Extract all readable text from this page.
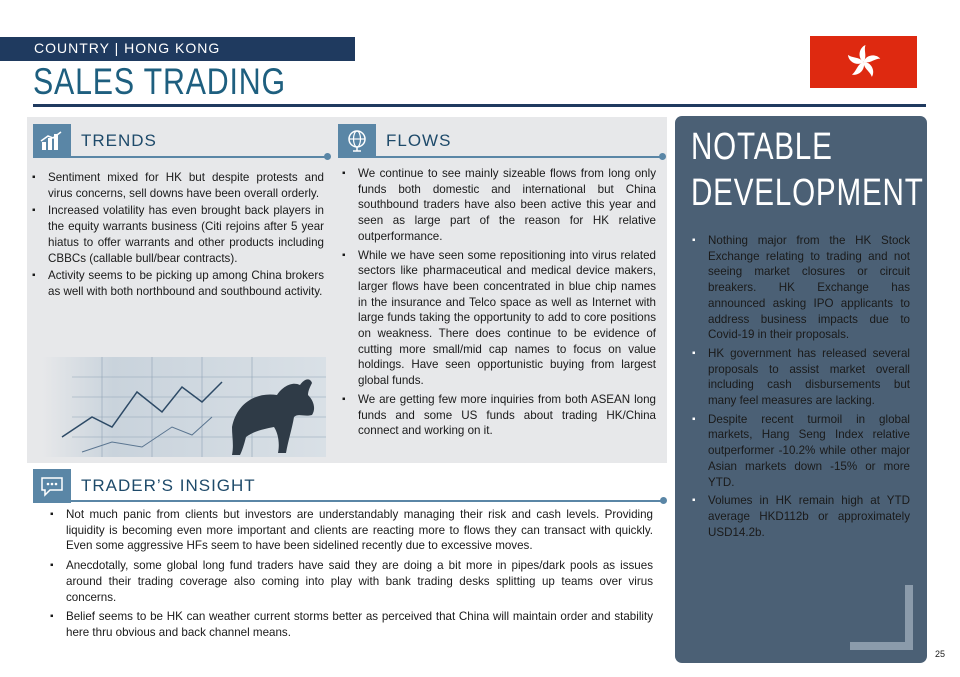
COUNTRY | HONG KONG
SALES TRADING
TRENDS
▪ Sentiment mixed for HK but despite protests and virus concerns, sell downs have been overall orderly.
▪ Increased volatility has even brought back players in the equity warrants business (Citi rejoins after 5 year hiatus to offer warrants and other products including CBBCs (callable bull/bear contracts).
▪ Activity seems to be picking up among China brokers as well with both northbound and southbound activity.
FLOWS
▪ We continue to see mainly sizeable flows from long only funds both domestic and international but China southbound traders have also been active this year and seen as large part of the reason for HK relative outperformance.
▪ While we have seen some repositioning into virus related sectors like pharmaceutical and medical device makers, larger flows have been concentrated in blue chip names in the insurance and Telco space as well as Internet with large funds taking the opportunity to add to core positions on weakness. There does continue to be evidence of cutting more small/mid cap names to focus on value holdings. Have seen opportunistic buying from largest global funds.
▪ We are getting few more inquiries from both ASEAN long funds and some US funds about trading HK/China connect and working on it.
TRADER’S INSIGHT
▪ Not much panic from clients but investors are understandably managing their risk and cash levels. Providing liquidity is becoming even more important and clients are reacting more to flows they can transact with quickly. Even some aggressive HFs seem to have been sidelined recently due to excessive moves.
▪ Anecdotally, some global long fund traders have said they are doing a bit more in pipes/dark pools as issues around their trading coverage also coming into play with bank trading desks splitting up teams over virus concerns.
▪ Belief seems to be HK can weather current storms better as perceived that China will maintain order and stability here thru obvious and back channel means.
NOTABLE
DEVELOPMENT
▪ Nothing major from the HK Stock Exchange relating to trading and not seeing market closures or circuit breakers. HK Exchange has announced asking IPO applicants to address business impacts due to Covid-19 in their proposals.
▪ HK government has released several proposals to assist market overall including cash disbursements but many feel measures are lacking.
▪ Despite recent turmoil in global markets, Hang Seng Index relative outperformer -10.2% while other major Asian markets down -15% or more YTD.
▪ Volumes in HK remain high at YTD average HKD112b or approximately USD14.2b.
25
